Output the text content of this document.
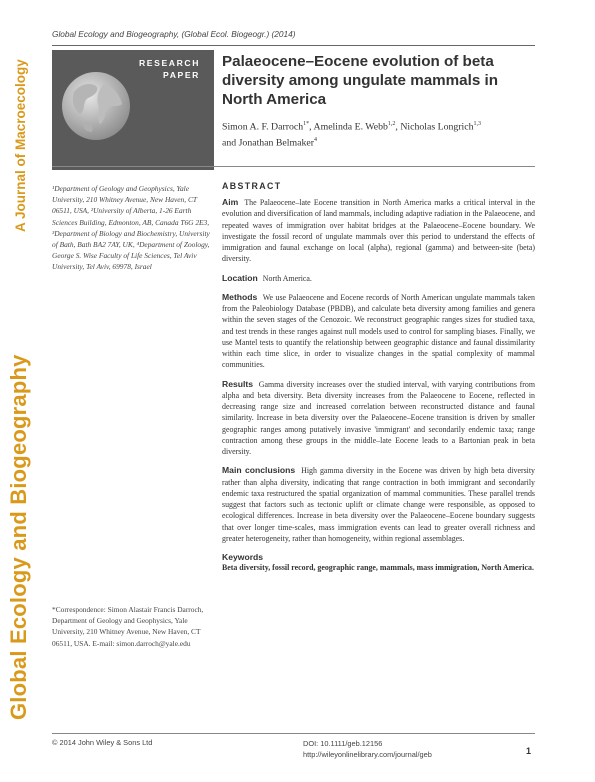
Global Ecology and Biogeography
A Journal of Macroecology
Global Ecology and Biogeography, (Global Ecol. Biogeogr.) (2014)
RESEARCH
PAPER
Palaeocene–Eocene evolution of beta diversity among ungulate mammals in North America
Simon A. F. Darroch$^{1*}$, Amelinda E. Webb$^{1,2}$, Nicholas Longrich$^{1,3}$
and Jonathan Belmaker$^4$
¹Department of Geology and Geophysics, Yale University, 210 Whitney Avenue, New Haven, CT 06511, USA, ²University of Alberta, 1-26 Earth Sciences Building, Edmonton, AB, Canada T6G 2E3, ³Department of Biology and Biochemistry, University of Bath, Bath BA2 7AY, UK, ⁴Department of Zoology, George S. Wise Faculty of Life Sciences, Tel Aviv University, Tel Aviv, 69978, Israel
*Correspondence: Simon Alastair Francis Darroch, Department of Geology and Geophysics, Yale University, 210 Whitney Avenue, New Haven, CT 06511, USA. E-mail: simon.darroch@yale.edu
ABSTRACT

Aim The Palaeocene–late Eocene transition in North America marks a critical interval in the evolution and diversification of land mammals, including adaptive radiation in the Palaeocene, and repeated waves of immigration over habitat bridges at the Palaeocene–Eocene boundary. We investigate the fossil record of ungulate mammals over this period to understand the effects of immigration and faunal exchange on local (alpha), regional (gamma) and between-site (beta) diversity.

Location North America.

Methods We use Palaeocene and Eocene records of North American ungulate mammals taken from the Paleobiology Database (PBDB), and calculate beta diversity among families and genera within the seven stages of the Cenozoic. We reconstruct geographic ranges sizes for studied taxa, and test trends in these ranges against null models used to control for sampling biases. Finally, we use Mantel tests to quantify the relationship between geographic distance and faunal dissimilarity within each time slice, in order to visualize changes in the spatial complexity of mammal communities.

Results Gamma diversity increases over the studied interval, with varying contributions from alpha and beta diversity. Beta diversity increases from the Palaeocene to Eocene, reflected in decreasing range size and increased correlation between reconstructed distance and faunal similarity. Increase in beta diversity over the Palaeocene–Eocene transition is driven by smaller geographic ranges among putatively invasive 'immigrant' and secondarily endemic taxa; range contraction among these groups in the middle–late Eocene leads to a Bartonian peak in beta diversity.

Main conclusions High gamma diversity in the Eocene was driven by high beta diversity rather than alpha diversity, indicating that range contraction in both immigrant and secondarily endemic taxa restructured the spatial organization of mammal communities. These parallel trends suggest that factors such as tectonic uplift or climate change were responsible, as opposed to ecological differences. Increase in beta diversity over the Palaeocene–Eocene boundary suggests that over longer time-scales, mass immigration events can lead to greater overall richness and greater heterogeneity, rather than homogeneity, within regional assemblages.

Keywords
Beta diversity, fossil record, geographic range, mammals, mass immigration, North America.
© 2014 John Wiley & Sons Ltd	DOI: 10.1111/geb.12156
http://wileyonlinelibrary.com/journal/geb	1
